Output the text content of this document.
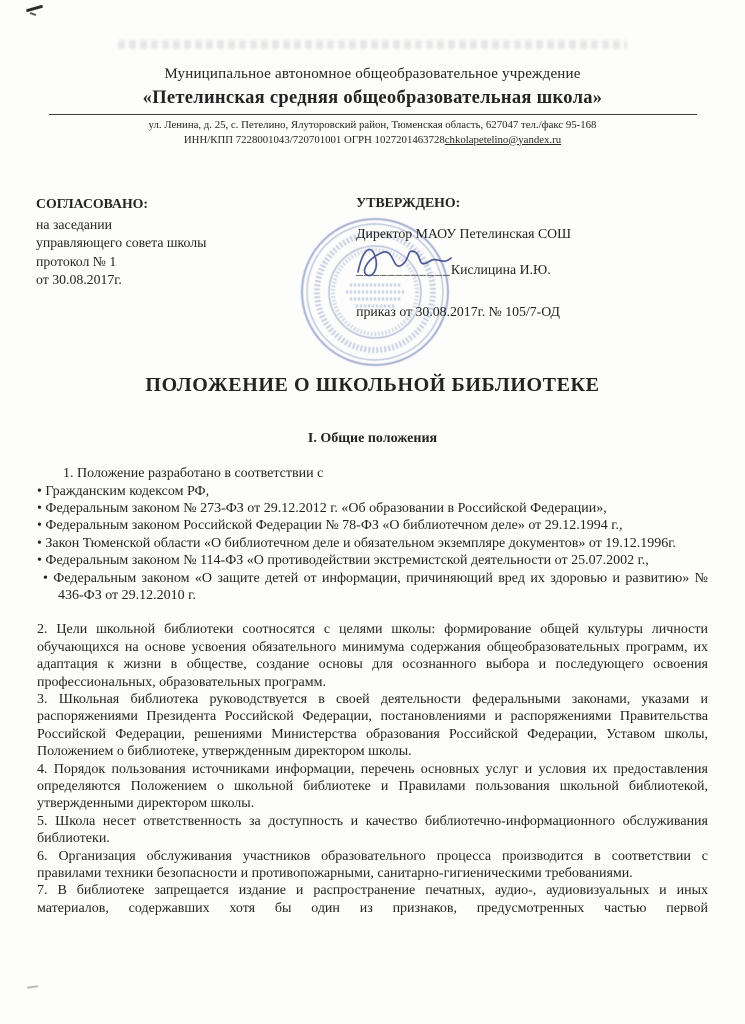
Муниципальное автономное общеобразовательное учреждение
«Петелинская средняя общеобразовательная школа»
ул. Ленина, д. 25, с. Петелино, Ялуторовский район, Тюменская область, 627047 тел./факс 95-168
ИНН/КПП 7228001043/720701001 ОГРН 1027201463728chkolapetelino@yandex.ru
СОГЛАСОВАНО:
на заседании
управляющего совета школы
протокол № 1
от 30.08.2017г.
УТВЕРЖДЕНО:
Директор МАОУ Петелинская СОШ
____________Кислицина И.Ю.
приказ от 30.08.2017г. № 105/7-ОД
ПОЛОЖЕНИЕ О ШКОЛЬНОЙ БИБЛИОТЕКЕ
I. Общие положения

1. Положение разработано в соответствии с

• Гражданским кодексом РФ,

• Федеральным законом № 273-ФЗ от 29.12.2012 г. «Об образовании в Российской Федерации»,

• Федеральным законом Российской Федерации № 78-ФЗ «О библиотечном деле» от 29.12.1994 г.,

• Закон Тюменской области «О библиотечном деле и обязательном экземпляре документов» от 19.12.1996г.

• Федеральным законом № 114-ФЗ «О противодействии экстремистской деятельности от 25.07.2002 г.,

• Федеральным законом «О защите детей от информации, причиняющий вред их здоровью и развитию» № 436-ФЗ от 29.12.2010 г.

2. Цели школьной библиотеки соотносятся с целями школы: формирование общей культуры личности обучающихся на основе усвоения обязательного минимума содержания общеобразовательных программ, их адаптация к жизни в обществе, создание основы для осознанного выбора и последующего освоения профессиональных, образовательных программ.

3. Школьная библиотека руководствуется в своей деятельности федеральными законами, указами и распоряжениями Президента Российской Федерации, постановлениями и распоряжениями Правительства Российской Федерации, решениями Министерства образования Российской Федерации, Уставом школы, Положением о библиотеке, утвержденным директором школы.

4. Порядок пользования источниками информации, перечень основных услуг и условия их предоставления определяются Положением о школьной библиотеке и Правилами пользования школьной библиотекой, утвержденными директором школы.

5. Школа несет ответственность за доступность и качество библиотечно-информационного обслуживания библиотеки.

6. Организация обслуживания участников образовательного процесса производится в соответствии с правилами техники безопасности и противопожарными, санитарно-гигиеническими требованиями.

7. В библиотеке запрещается издание и распространение печатных, аудио-, аудиовизуальных и иных материалов, содержавших хотя бы один из признаков, предусмотренных частью первой
